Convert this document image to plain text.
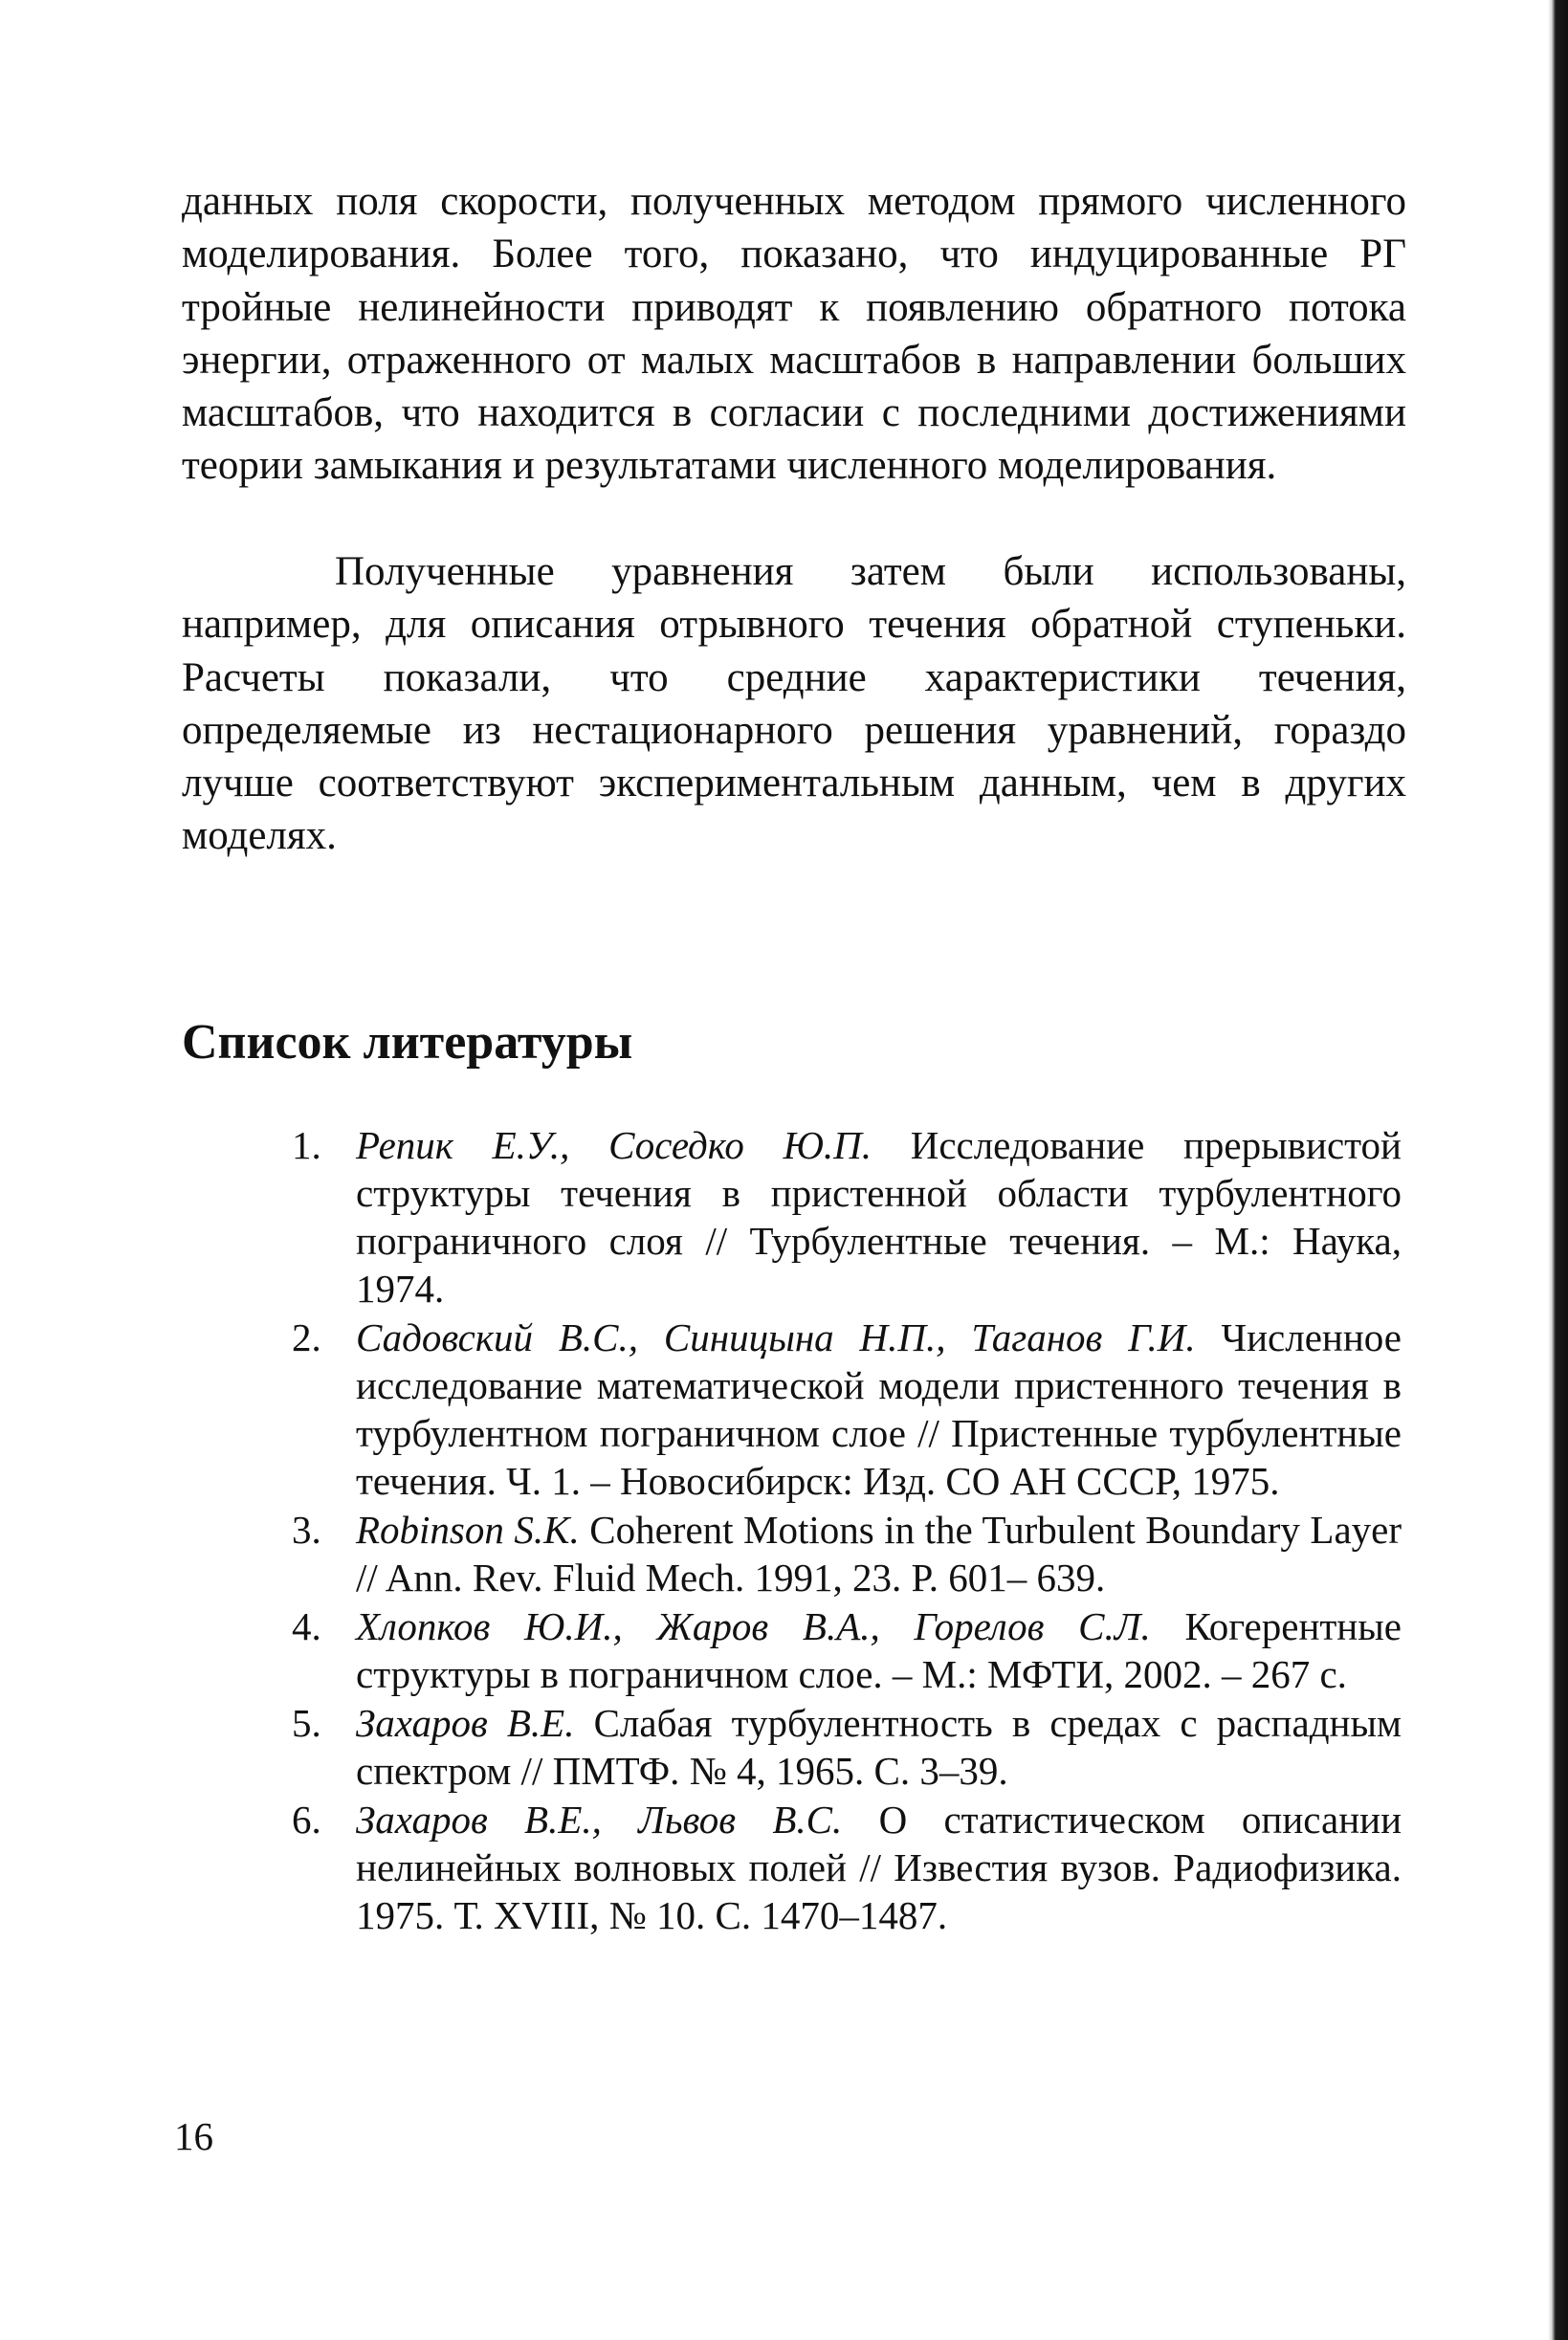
данных поля скорости, полученных методом прямого численного моделирования. Более того, показано, что индуцированные РГ тройные нелинейности приводят к появлению обратного потока энергии, отраженного от малых масштабов в направлении больших масштабов, что находится в согласии с последними достижениями теории замыкания и результатами численного моделирования.

Полученные уравнения затем были использованы, например, для описания отрывного течения обратной ступеньки. Расчеты показали, что средние характеристики течения, определяемые из нестационарного решения уравнений, гораздо лучше соответствуют экспериментальным данным, чем в других моделях.

Список литературы
1. Репик Е.У., Соседко Ю.П. Исследование прерывистой структуры течения в пристенной области турбулентного пограничного слоя // Турбулентные течения. – М.: Наука, 1974.
2. Садовский В.С., Синицына Н.П., Таганов Г.И. Численное исследование математической модели пристенного течения в турбулентном пограничном слое // Пристенные турбулентные течения. Ч. 1. – Новосибирск: Изд. СО АН СССР, 1975.
3. Robinson S.K. Coherent Motions in the Turbulent Boundary Layer // Ann. Rev. Fluid Mech. 1991, 23. P. 601– 639.
4. Хлопков Ю.И., Жаров В.А., Горелов С.Л. Когерентные структуры в пограничном слое. – М.: МФТИ, 2002. – 267 с.
5. Захаров В.Е. Слабая турбулентность в средах с распадным спектром // ПМТФ. № 4, 1965. С. 3–39.
6. Захаров В.Е., Львов В.С. О статистическом описании нелинейных волновых полей // Известия вузов. Радиофизика. 1975. Т. XVIII, № 10. С. 1470–1487.
16
